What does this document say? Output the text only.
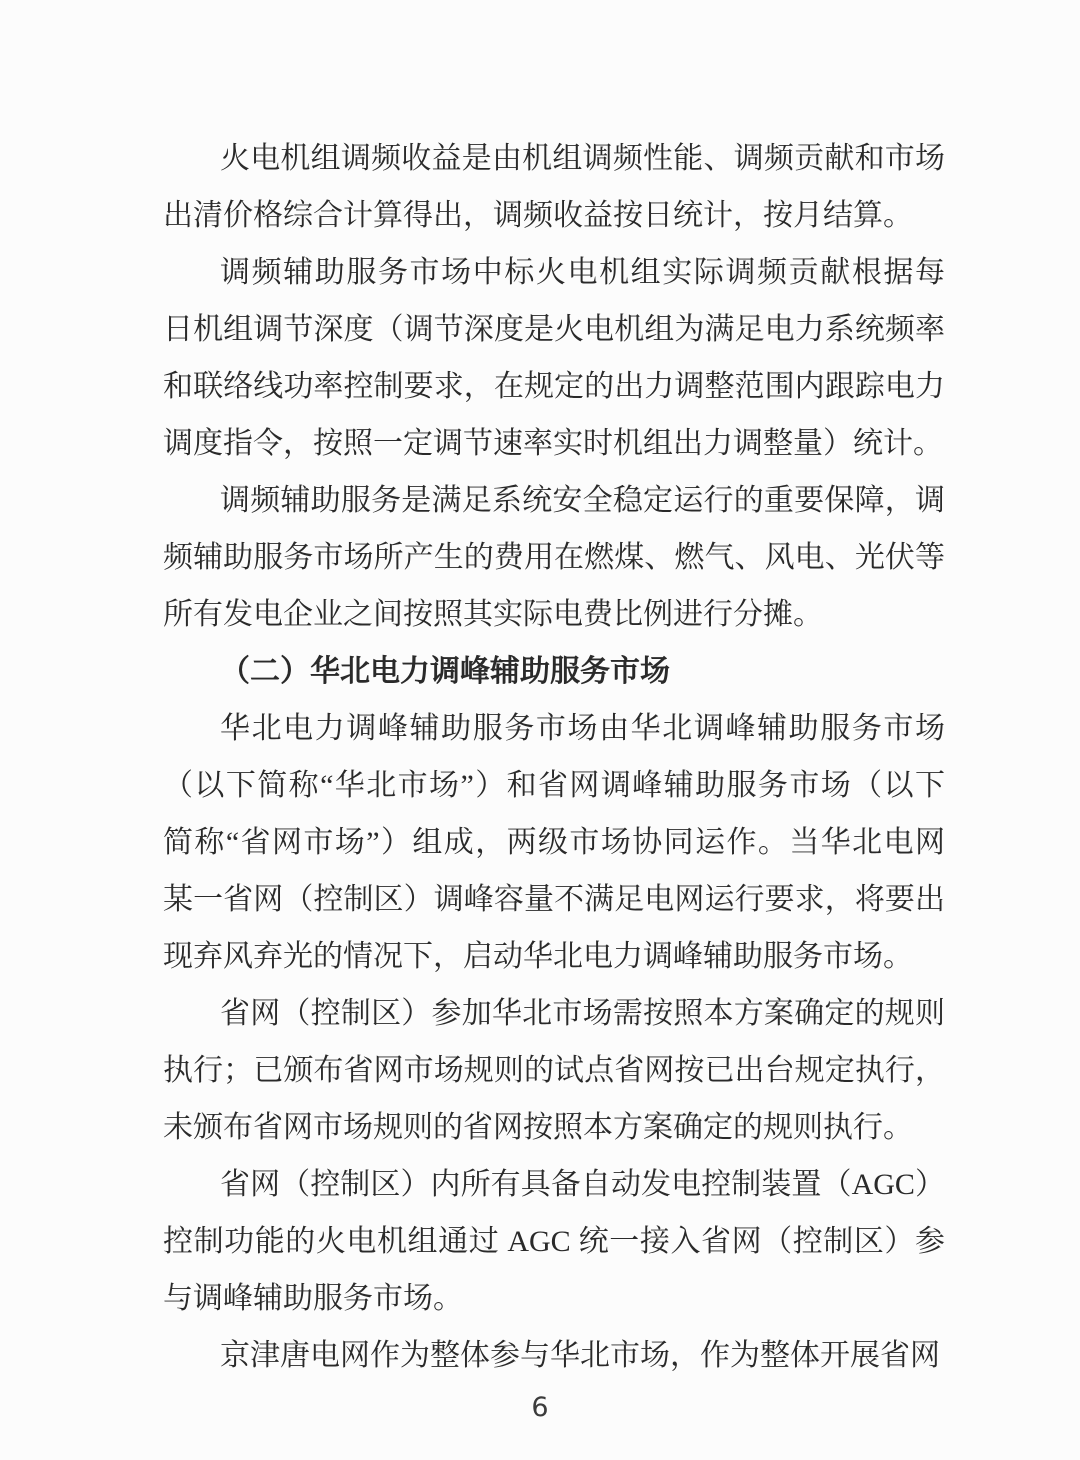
火电机组调频收益是由机组调频性能、调频贡献和市场
出清价格综合计算得出，调频收益按日统计，按月结算。
调频辅助服务市场中标火电机组实际调频贡献根据每
日机组调节深度（调节深度是火电机组为满足电力系统频率
和联络线功率控制要求，在规定的出力调整范围内跟踪电力
调度指令，按照一定调节速率实时机组出力调整量）统计。
调频辅助服务是满足系统安全稳定运行的重要保障，调
频辅助服务市场所产生的费用在燃煤、燃气、风电、光伏等
所有发电企业之间按照其实际电费比例进行分摊。
（二）华北电力调峰辅助服务市场
华北电力调峰辅助服务市场由华北调峰辅助服务市场
（以下简称“华北市场”）和省网调峰辅助服务市场（以下
简称“省网市场”）组成，两级市场协同运作。当华北电网
某一省网（控制区）调峰容量不满足电网运行要求，将要出
现弃风弃光的情况下，启动华北电力调峰辅助服务市场。
省网（控制区）参加华北市场需按照本方案确定的规则
执行；已颁布省网市场规则的试点省网按已出台规定执行，
未颁布省网市场规则的省网按照本方案确定的规则执行。
省网（控制区）内所有具备自动发电控制装置（AGC）
控制功能的火电机组通过 AGC 统一接入省网（控制区）参
与调峰辅助服务市场。
京津唐电网作为整体参与华北市场，作为整体开展省网
6
